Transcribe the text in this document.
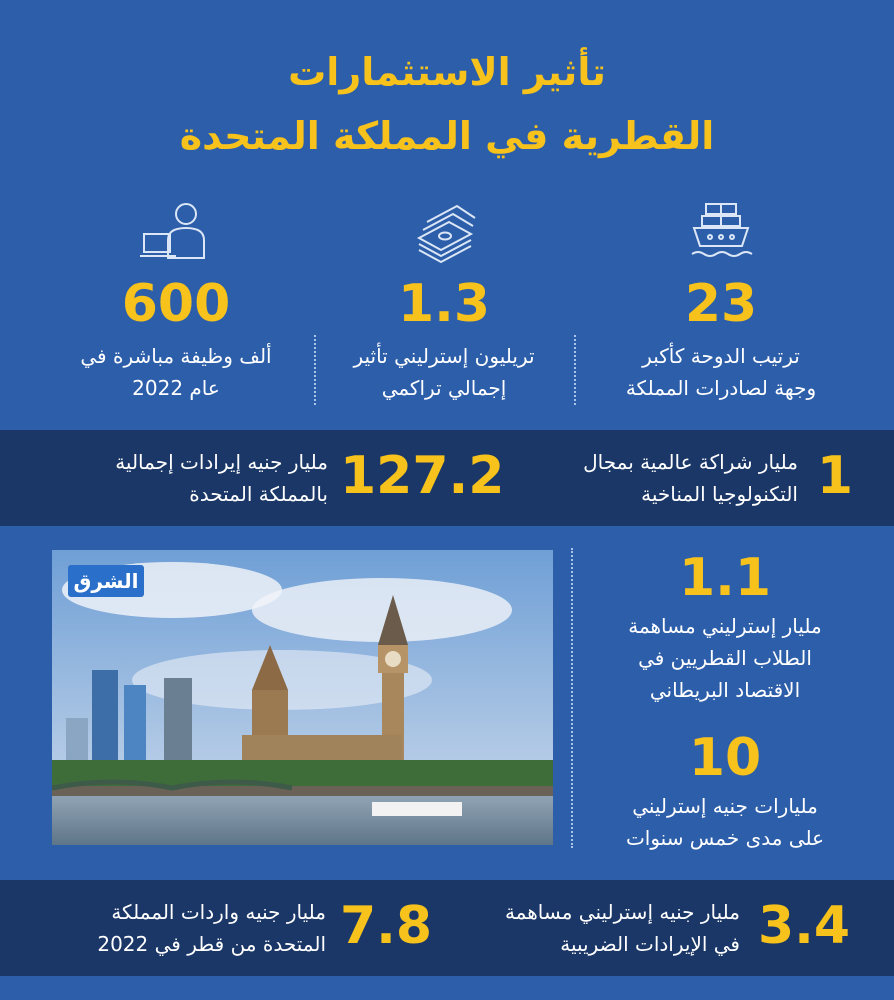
تأثير الاستثمارات
القطرية في المملكة المتحدة
23
ترتيب الدوحة كأكبر
وجهة لصادرات المملكة
1.3
تريليون إسترليني تأثير
إجمالي تراكمي
600
ألف وظيفة مباشرة في
عام 2022
1
مليار شراكة عالمية بمجال
التكنولوجيا المناخية
127.2
مليار جنيه إيرادات إجمالية
بالمملكة المتحدة
الشرق	1.1
مليار إسترليني مساهمة
الطلاب القطريين في
الاقتصاد البريطاني
10
مليارات جنيه إسترليني
على مدى خمس سنوات
3.4
مليار جنيه إسترليني مساهمة
في الإيرادات الضريبية
7.8
مليار جنيه واردات المملكة
المتحدة من قطر في 2022
